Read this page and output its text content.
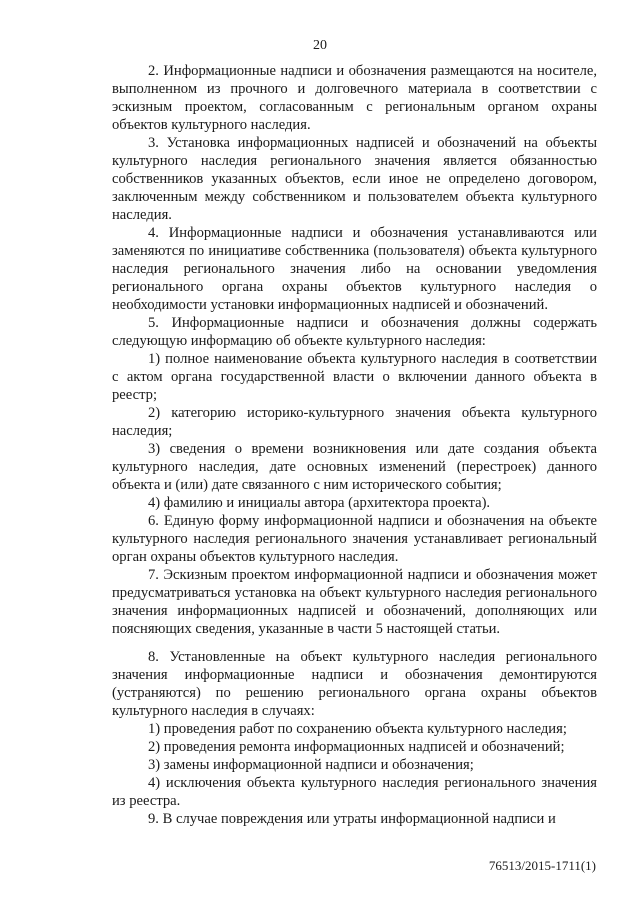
20

2. Информационные надписи и обозначения размещаются на носителе, выполненном из прочного и долговечного материала в соответствии с эскизным проектом, согласованным с региональным органом охраны объектов культурного наследия.

3. Установка информационных надписей и обозначений на объекты культурного наследия регионального значения является обязанностью собственников указанных объектов, если иное не определено договором, заключенным между собственником и пользователем объекта культурного наследия.

4. Информационные надписи и обозначения устанавливаются или заменяются по инициативе собственника (пользователя) объекта культурного наследия регионального значения либо на основании уведомления регионального органа охраны объектов культурного наследия о необходимости установки информационных надписей и обозначений.

5. Информационные надписи и обозначения должны содержать следующую информацию об объекте культурного наследия:

1) полное наименование объекта культурного наследия в соответствии с актом органа государственной власти о включении данного объекта в реестр;

2) категорию историко-культурного значения объекта культурного наследия;

3) сведения о времени возникновения или дате создания объекта культурного наследия, дате основных изменений (перестроек) данного объекта и (или) дате связанного с ним исторического события;

4) фамилию и инициалы автора (архитектора проекта).

6. Единую форму информационной надписи и обозначения на объекте культурного наследия регионального значения устанавливает региональный орган охраны объектов культурного наследия.

7. Эскизным проектом информационной надписи и обозначения может предусматриваться установка на объект культурного наследия регионального значения информационных надписей и обозначений, дополняющих или поясняющих сведения, указанные в части 5 настоящей статьи.

8. Установленные на объект культурного наследия регионального значения информационные надписи и обозначения демонтируются (устраняются) по решению регионального органа охраны объектов культурного наследия в случаях:

1) проведения работ по сохранению объекта культурного наследия;

2) проведения ремонта информационных надписей и обозначений;

3) замены информационной надписи и обозначения;

4) исключения объекта культурного наследия регионального значения из реестра.

9. В случае повреждения или утраты информационной надписи и

76513/2015-1711(1)
